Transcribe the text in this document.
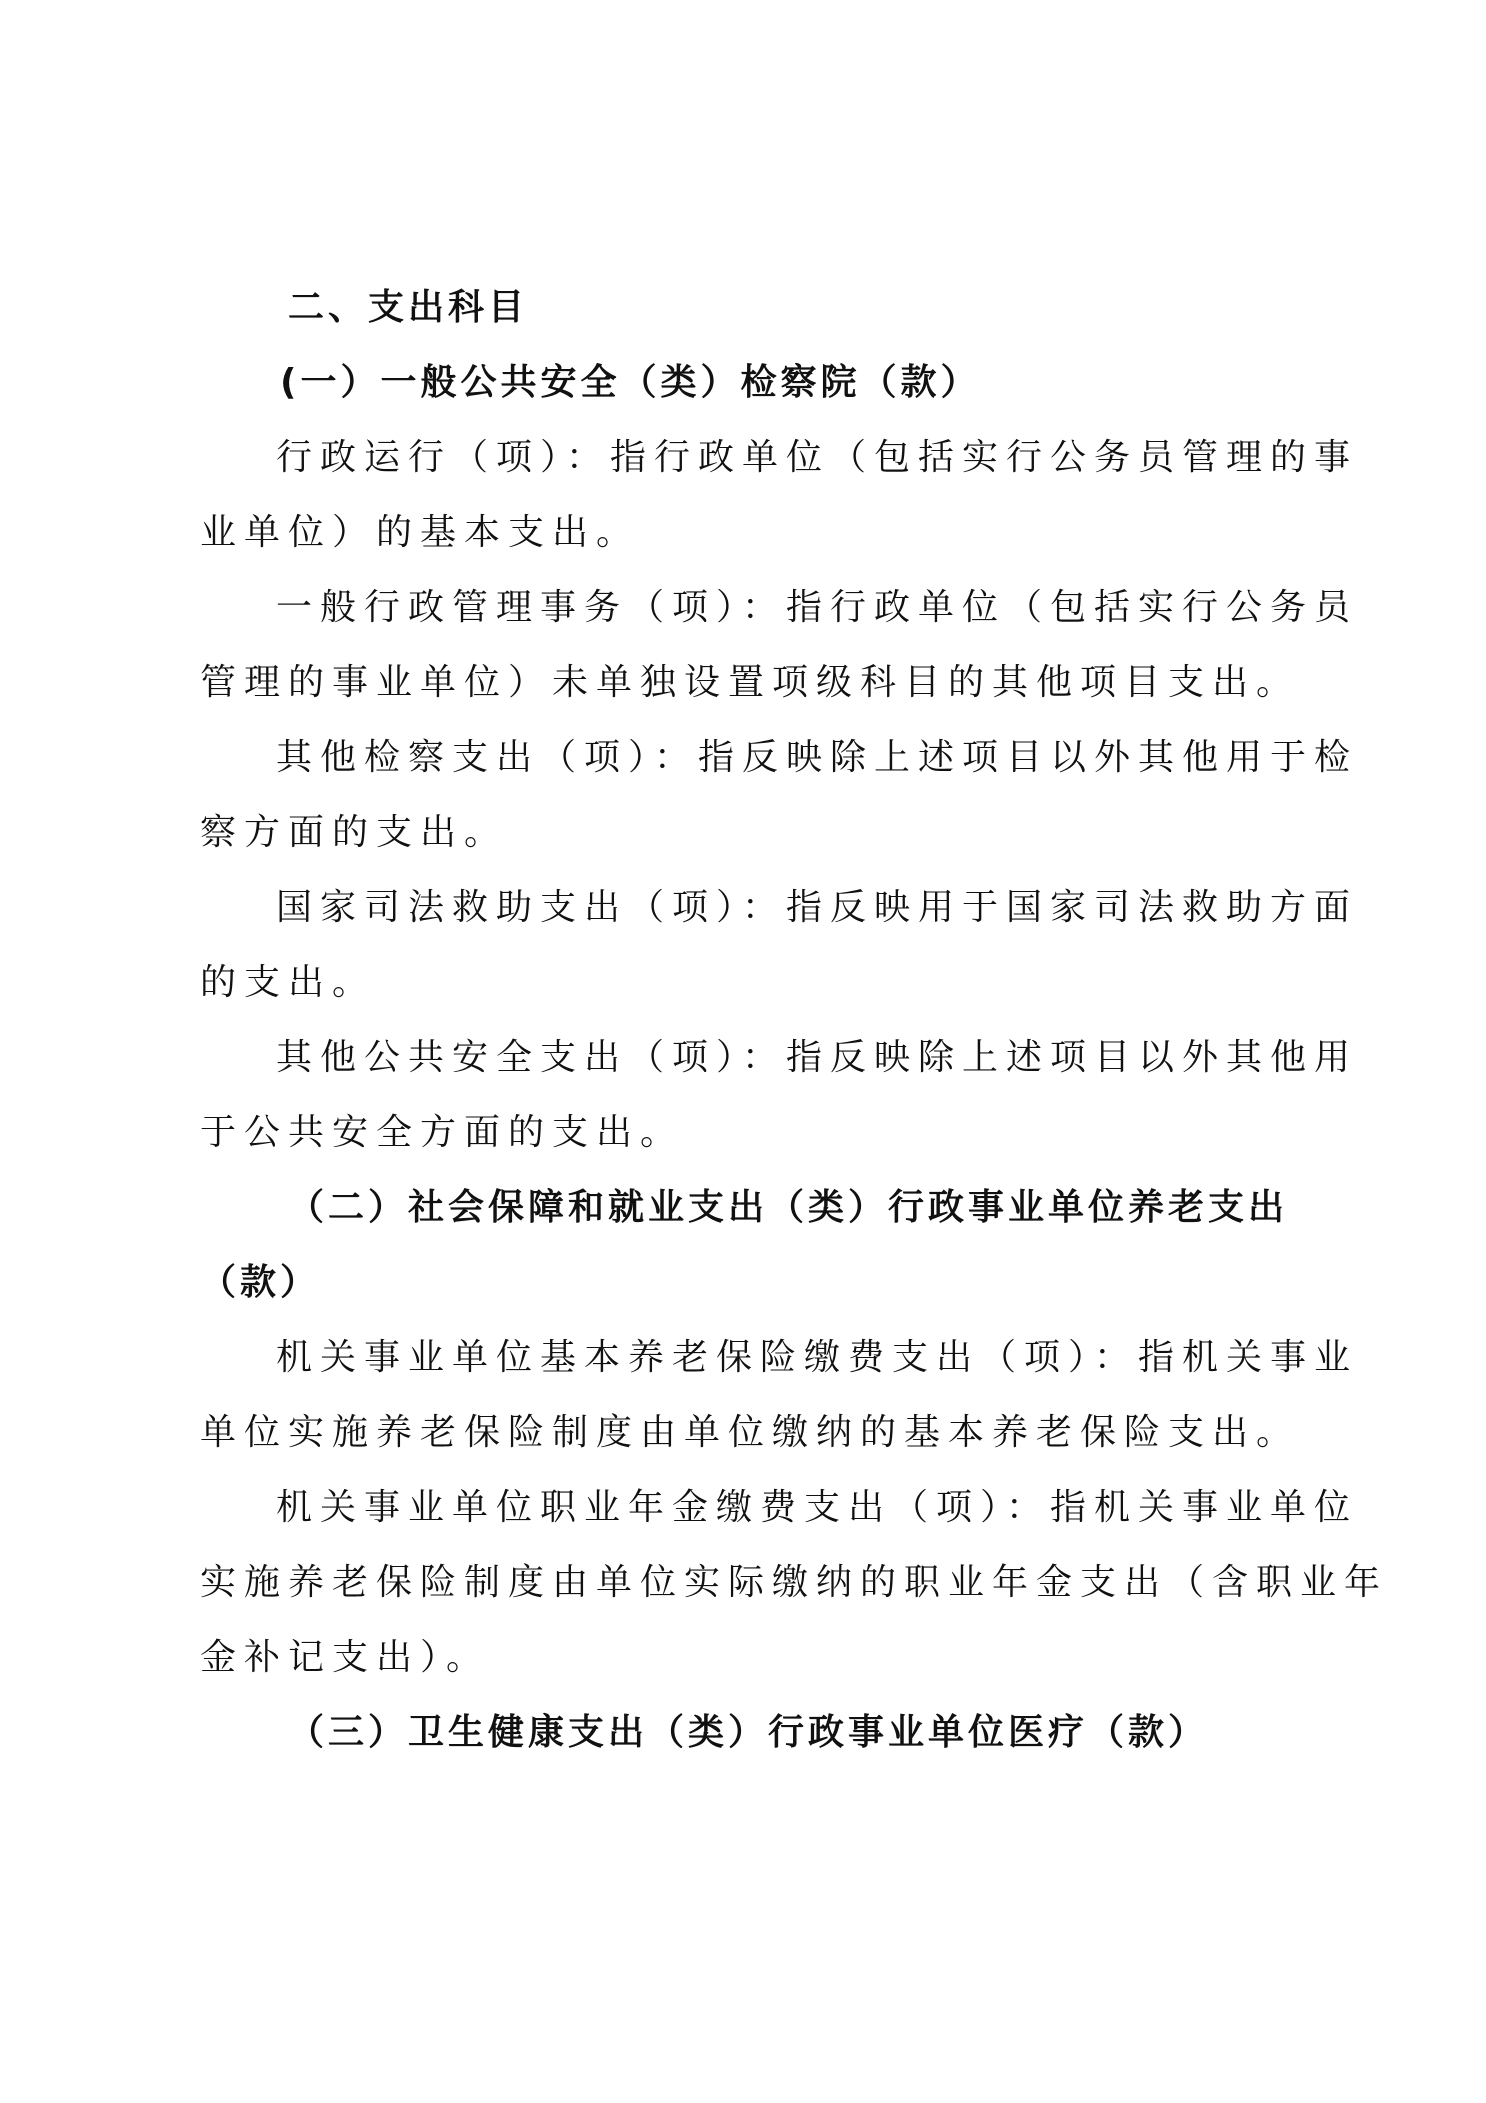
二、支出科目

(一）一般公共安全（类）检察院（款）

行政运行（项）：指行政单位（包括实行公务员管理的事

业单位）的基本支出。

一般行政管理事务（项）：指行政单位（包括实行公务员

管理的事业单位）未单独设置项级科目的其他项目支出。

其他检察支出（项）：指反映除上述项目以外其他用于检

察方面的支出。

国家司法救助支出（项）：指反映用于国家司法救助方面

的支出。

其他公共安全支出（项）：指反映除上述项目以外其他用

于公共安全方面的支出。

（二）社会保障和就业支出（类）行政事业单位养老支出

（款）

机关事业单位基本养老保险缴费支出（项）：指机关事业

单位实施养老保险制度由单位缴纳的基本养老保险支出。

机关事业单位职业年金缴费支出（项）：指机关事业单位

实施养老保险制度由单位实际缴纳的职业年金支出（含职业年

金补记支出）。

（三）卫生健康支出（类）行政事业单位医疗（款）
